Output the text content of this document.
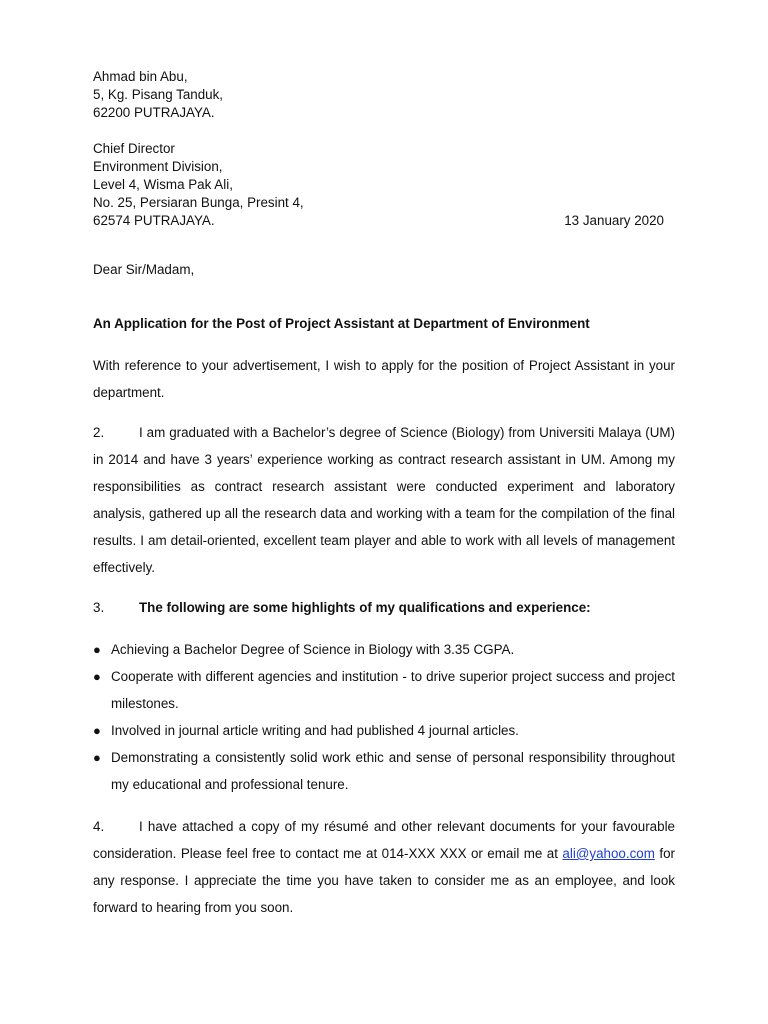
Ahmad bin Abu,
5, Kg. Pisang Tanduk,
62200 PUTRAJAYA.
Chief Director
Environment Division,
Level 4, Wisma Pak Ali,
No. 25, Persiaran Bunga, Presint 4,
62574 PUTRAJAYA.	13 January 2020
Dear Sir/Madam,
An Application for the Post of Project Assistant at Department of Environment

With reference to your advertisement, I wish to apply for the position of Project Assistant in your department.

2.	I am graduated with a Bachelor’s degree of Science (Biology) from Universiti Malaya (UM) in 2014 and have 3 years’ experience working as contract research assistant in UM. Among my responsibilities as contract research assistant were conducted experiment and laboratory analysis, gathered up all the research data and working with a team for the compilation of the final results. I am detail-oriented, excellent team player and able to work with all levels of management effectively.

3.	The following are some highlights of my qualifications and experience:

● Achieving a Bachelor Degree of Science in Biology with 3.35 CGPA.
● Cooperate with different agencies and institution - to drive superior project success and project milestones.
● Involved in journal article writing and had published 4 journal articles.
● Demonstrating a consistently solid work ethic and sense of personal responsibility throughout my educational and professional tenure.

4.	I have attached a copy of my résumé and other relevant documents for your favourable consideration. Please feel free to contact me at 014-XXX XXX or email me at ali@yahoo.com for any response. I appreciate the time you have taken to consider me as an employee, and look forward to hearing from you soon.
